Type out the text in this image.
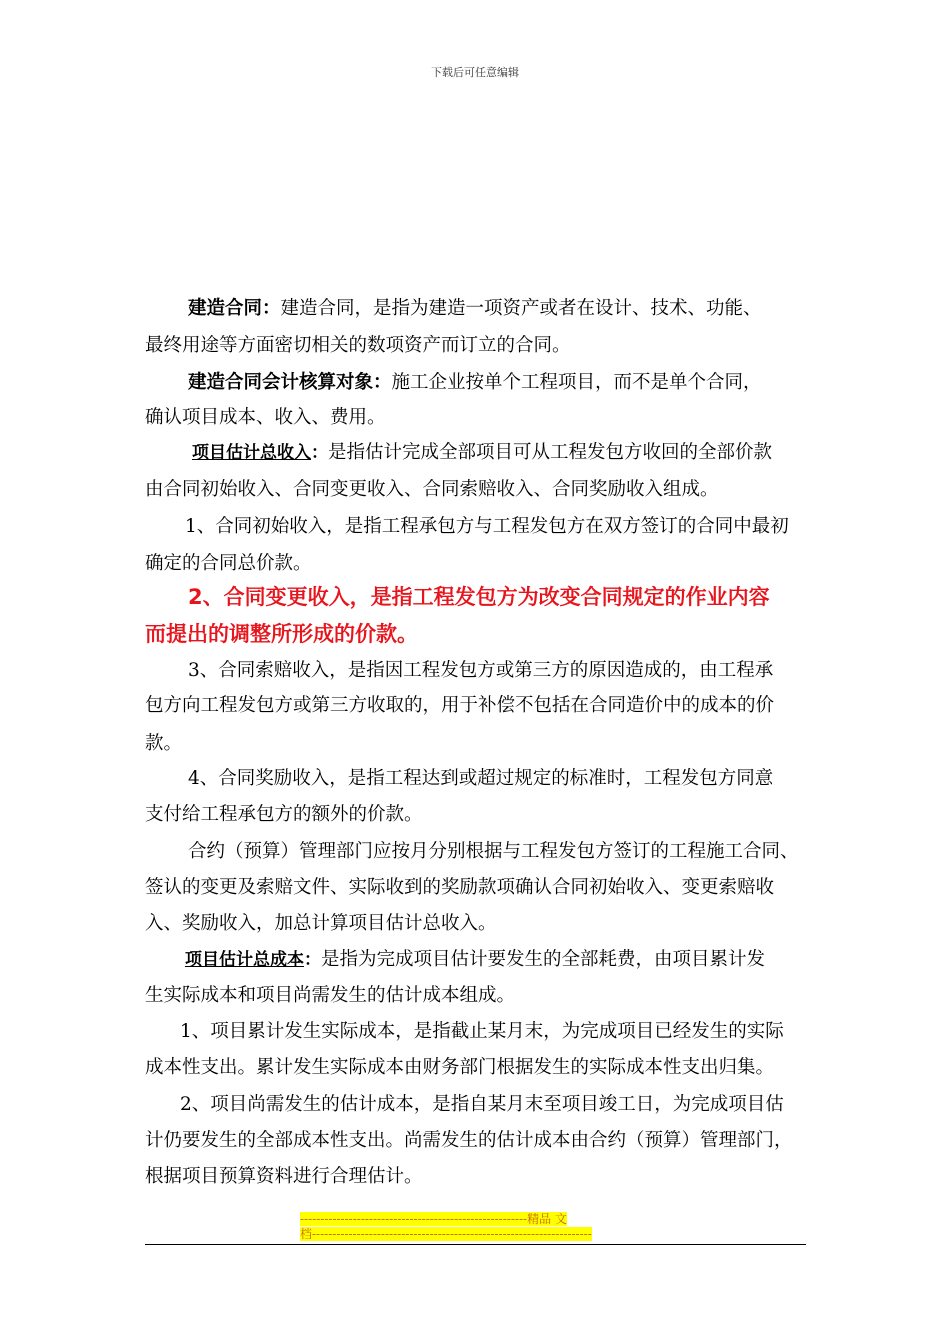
下载后可任意编辑
建造合同：建造合同，是指为建造一项资产或者在设计、技术、功能、
最终用途等方面密切相关的数项资产而订立的合同。
建造合同会计核算对象：施工企业按单个工程项目，而不是单个合同，
确认项目成本、收入、费用。
项目估计总收入：是指估计完成全部项目可从工程发包方收回的全部价款
由合同初始收入、合同变更收入、合同索赔收入、合同奖励收入组成。
1、合同初始收入，是指工程承包方与工程发包方在双方签订的合同中最初
确定的合同总价款。
2、合同变更收入，是指工程发包方为改变合同规定的作业内容
而提出的调整所形成的价款。
3、合同索赔收入，是指因工程发包方或第三方的原因造成的，由工程承
包方向工程发包方或第三方收取的，用于补偿不包括在合同造价中的成本的价
款。
4、合同奖励收入，是指工程达到或超过规定的标准时，工程发包方同意
支付给工程承包方的额外的价款。
合约（预算）管理部门应按月分别根据与工程发包方签订的工程施工合同、
签认的变更及索赔文件、实际收到的奖励款项确认合同初始收入、变更索赔收
入、奖励收入，加总计算项目估计总收入。
项目估计总成本：是指为完成项目估计要发生的全部耗费，由项目累计发
生实际成本和项目尚需发生的估计成本组成。
1、项目累计发生实际成本，是指截止某月末，为完成项目已经发生的实际
成本性支出。累计发生实际成本由财务部门根据发生的实际成本性支出归集。
2、项目尚需发生的估计成本，是指自某月末至项目竣工日，为完成项目估
计仍要发生的全部成本性支出。尚需发生的估计成本由合约（预算）管理部门，
根据项目预算资料进行合理估计。
--------------------------------------------------------精品 文
档---------------------------------------------------------------------
